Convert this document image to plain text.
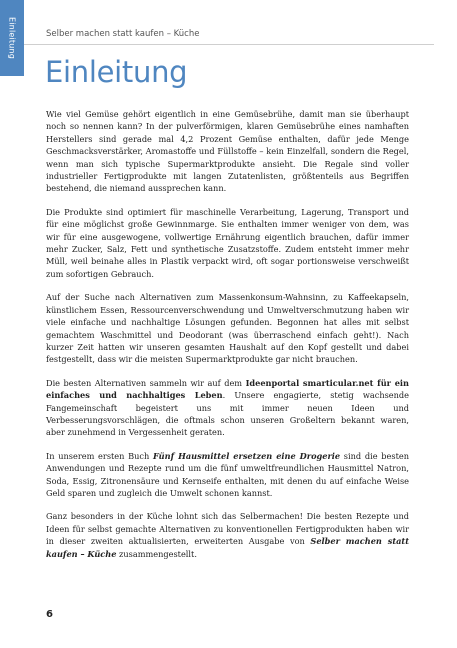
Einleitung	Selber machen statt kaufen – Küche
Einleitung

Wie viel Gemüse gehört eigentlich in eine Gemüsebrühe, damit man sie überhaupt noch so nennen kann? In der pulverförmigen, klaren Gemüsebrühe eines namhaften Herstellers sind gerade mal 4,2 Prozent Gemüse enthalten, dafür jede Menge Geschmacksverstärker, Aromastoffe und Füllstoffe – kein Einzelfall, sondern die Regel, wenn man sich typische Supermarktprodukte ansieht. Die Regale sind voller industrieller Fertigprodukte mit langen Zutatenlisten, größtenteils aus Begriffen bestehend, die niemand aussprechen kann.

Die Produkte sind optimiert für maschinelle Verarbeitung, Lagerung, Transport und für eine möglichst große Gewinnmarge. Sie enthalten immer weniger von dem, was wir für eine ausgewogene, vollwertige Ernährung eigentlich brauchen, dafür immer mehr Zucker, Salz, Fett und synthetische Zusatzstoffe. Zudem entsteht immer mehr Müll, weil beinahe alles in Plastik verpackt wird, oft sogar portionsweise verschweißt zum sofortigen Gebrauch.

Auf der Suche nach Alternativen zum Massenkonsum-Wahnsinn, zu Kaffeekapseln, künstlichem Essen, Ressourcenverschwendung und Umweltverschmutzung haben wir viele einfache und nachhaltige Lösungen gefunden. Begonnen hat alles mit selbst gemachtem Waschmittel und Deodorant (was überraschend einfach geht!). Nach kurzer Zeit hatten wir unseren gesamten Haushalt auf den Kopf gestellt und dabei festgestellt, dass wir die meisten Supermarktprodukte gar nicht brauchen.

Die besten Alternativen sammeln wir auf dem Ideenportal smarticular.net für ein einfaches und nachhaltiges Leben. Unsere engagierte, stetig wachsende Fangemeinschaft begeistert uns mit immer neuen Ideen und Verbesserungsvorschlägen, die oftmals schon unseren Großeltern bekannt waren, aber zunehmend in Vergessenheit geraten.

In unserem ersten Buch Fünf Hausmittel ersetzen eine Drogerie sind die besten Anwendungen und Rezepte rund um die fünf umweltfreundlichen Hausmittel Natron, Soda, Essig, Zitronensäure und Kernseife enthalten, mit denen du auf einfache Weise Geld sparen und zugleich die Umwelt schonen kannst.

Ganz besonders in der Küche lohnt sich das Selbermachen! Die besten Rezepte und Ideen für selbst gemachte Alternativen zu konventionellen Fertigprodukten haben wir in dieser zweiten aktualisierten, erweiterten Ausgabe von Selber machen statt kaufen – Küche zusammengestellt.

6
